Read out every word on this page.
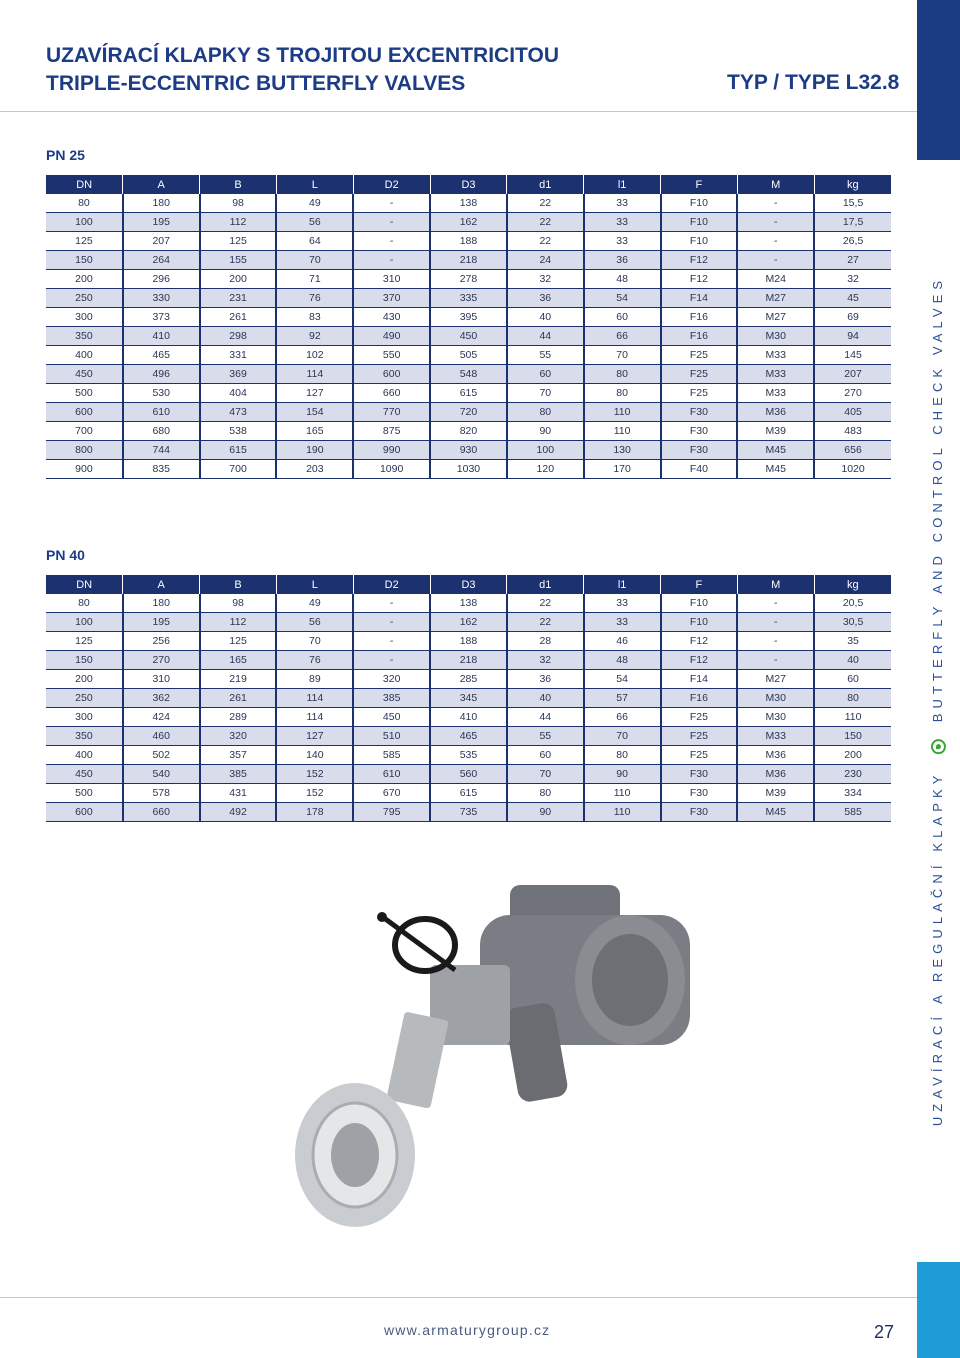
UZAVÍRACÍ KLAPKY S TROJITOU EXCENTRICITOU
TRIPLE-ECCENTRIC BUTTERFLY VALVES	TYP / TYPE L32.8
UZAVÍRACÍ A REGULAČNÍ KLAPKY  BUTTERFLY AND CONTROL CHECK VALVES
PN 25
DN	A	B	L	D2	D3	d1	l1	F	M	kg
80	180	98	49	-	138	22	33	F10	-	15,5
100	195	112	56	-	162	22	33	F10	-	17,5
125	207	125	64	-	188	22	33	F10	-	26,5
150	264	155	70	-	218	24	36	F12	-	27
200	296	200	71	310	278	32	48	F12	M24	32
250	330	231	76	370	335	36	54	F14	M27	45
300	373	261	83	430	395	40	60	F16	M27	69
350	410	298	92	490	450	44	66	F16	M30	94
400	465	331	102	550	505	55	70	F25	M33	145
450	496	369	114	600	548	60	80	F25	M33	207
500	530	404	127	660	615	70	80	F25	M33	270
600	610	473	154	770	720	80	110	F30	M36	405
700	680	538	165	875	820	90	110	F30	M39	483
800	744	615	190	990	930	100	130	F30	M45	656
900	835	700	203	1090	1030	120	170	F40	M45	1020
PN 40
DN	A	B	L	D2	D3	d1	l1	F	M	kg
80	180	98	49	-	138	22	33	F10	-	20,5
100	195	112	56	-	162	22	33	F10	-	30,5
125	256	125	70	-	188	28	46	F12	-	35
150	270	165	76	-	218	32	48	F12	-	40
200	310	219	89	320	285	36	54	F14	M27	60
250	362	261	114	385	345	40	57	F16	M30	80
300	424	289	114	450	410	44	66	F25	M30	110
350	460	320	127	510	465	55	70	F25	M33	150
400	502	357	140	585	535	60	80	F25	M36	200
450	540	385	152	610	560	70	90	F30	M36	230
500	578	431	152	670	615	80	110	F30	M39	334
600	660	492	178	795	735	90	110	F30	M45	585
www.armaturygroup.cz	27
